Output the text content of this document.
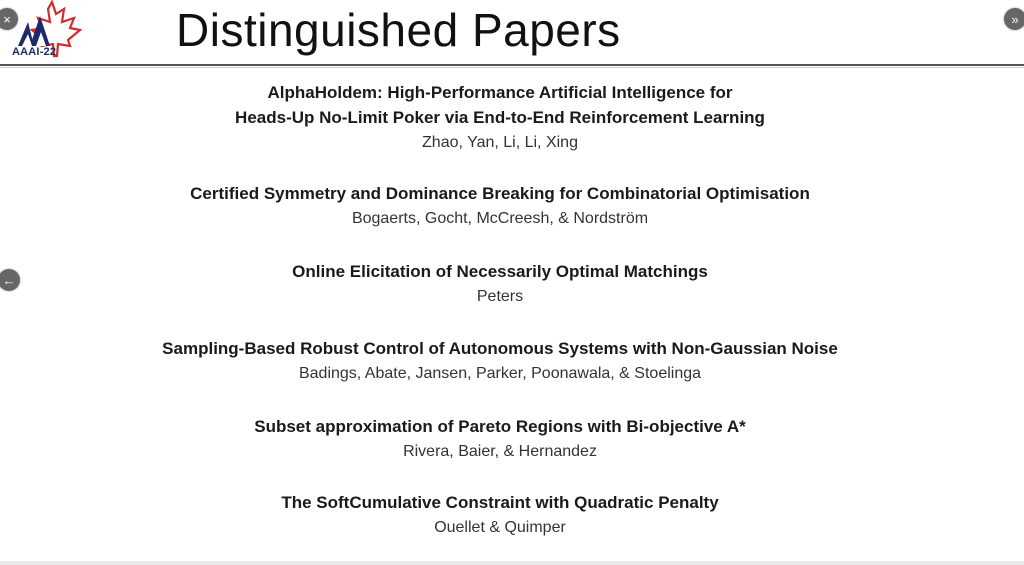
AAAI-22	Distinguished Papers
×	»
←
AlphaHoldem: High-Performance Artificial Intelligence for
Heads-Up No-Limit Poker via End-to-End Reinforcement Learning
Zhao, Yan, Li, Li, Xing
Certified Symmetry and Dominance Breaking for Combinatorial Optimisation
Bogaerts, Gocht, McCreesh, & Nordström
Online Elicitation of Necessarily Optimal Matchings
Peters
Sampling-Based Robust Control of Autonomous Systems with Non-Gaussian Noise
Badings, Abate, Jansen, Parker, Poonawala, & Stoelinga
Subset approximation of Pareto Regions with Bi-objective A*
Rivera, Baier, & Hernandez
The SoftCumulative Constraint with Quadratic Penalty
Ouellet & Quimper
